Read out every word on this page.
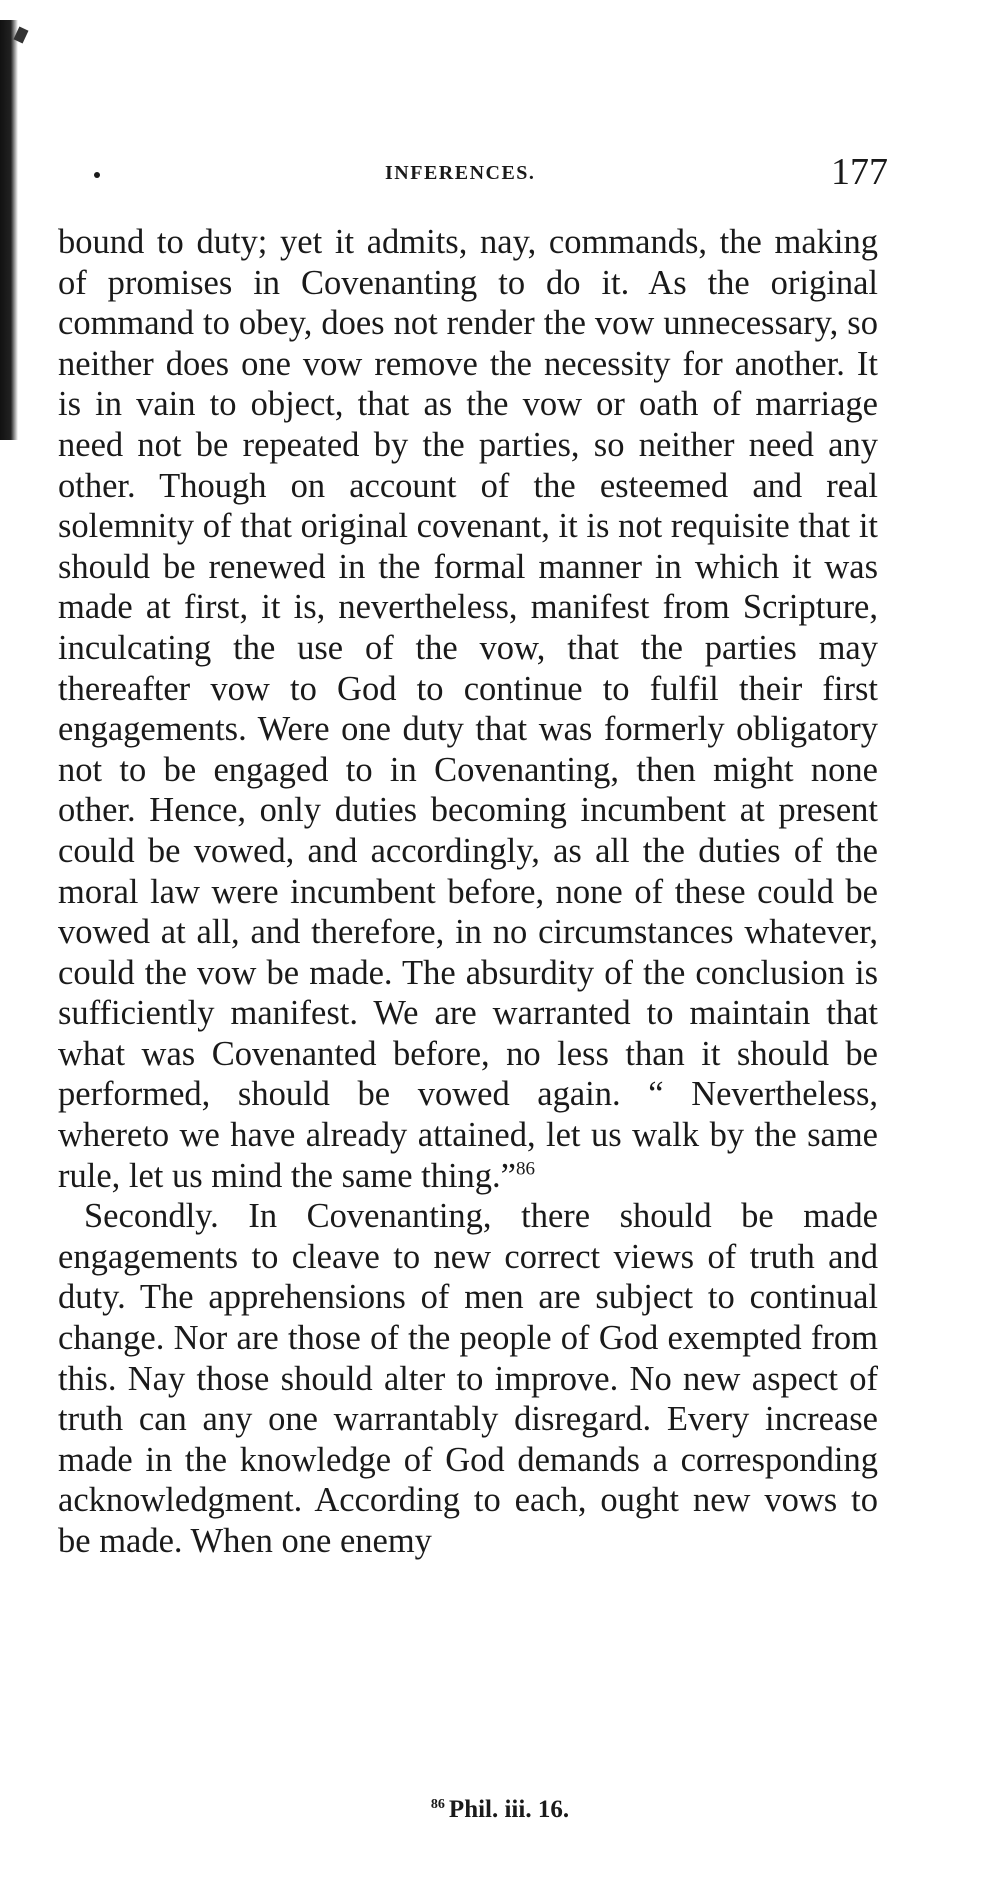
INFERENCES.	177

bound to duty; yet it admits, nay, commands, the making of promises in Covenanting to do it. As the original command to obey, does not render the vow unnecessary, so neither does one vow remove the necessity for another. It is in vain to object, that as the vow or oath of marriage need not be repeated by the parties, so neither need any other. Though on account of the esteemed and real solemnity of that original covenant, it is not requisite that it should be renewed in the formal manner in which it was made at first, it is, nevertheless, manifest from Scripture, inculcating the use of the vow, that the parties may thereafter vow to God to continue to fulfil their first engagements. Were one duty that was formerly obligatory not to be engaged to in Covenanting, then might none other. Hence, only duties becoming incumbent at present could be vowed, and accordingly, as all the duties of the moral law were incumbent before, none of these could be vowed at all, and therefore, in no circumstances whatever, could the vow be made. The absurdity of the conclusion is sufficiently manifest. We are warranted to maintain that what was Covenanted before, no less than it should be performed, should be vowed again. “ Nevertheless, whereto we have already attained, let us walk by the same rule, let us mind the same thing.”$^{86}$

Secondly. In Covenanting, there should be made engagements to cleave to new correct views of truth and duty. The apprehensions of men are subject to continual change. Nor are those of the people of God exempted from this. Nay those should alter to improve. No new aspect of truth can any one warrantably disregard. Every increase made in the knowledge of God demands a corresponding acknowledgment. According to each, ought new vows to be made. When one enemy

$^{86}$ Phil. iii. 16.
